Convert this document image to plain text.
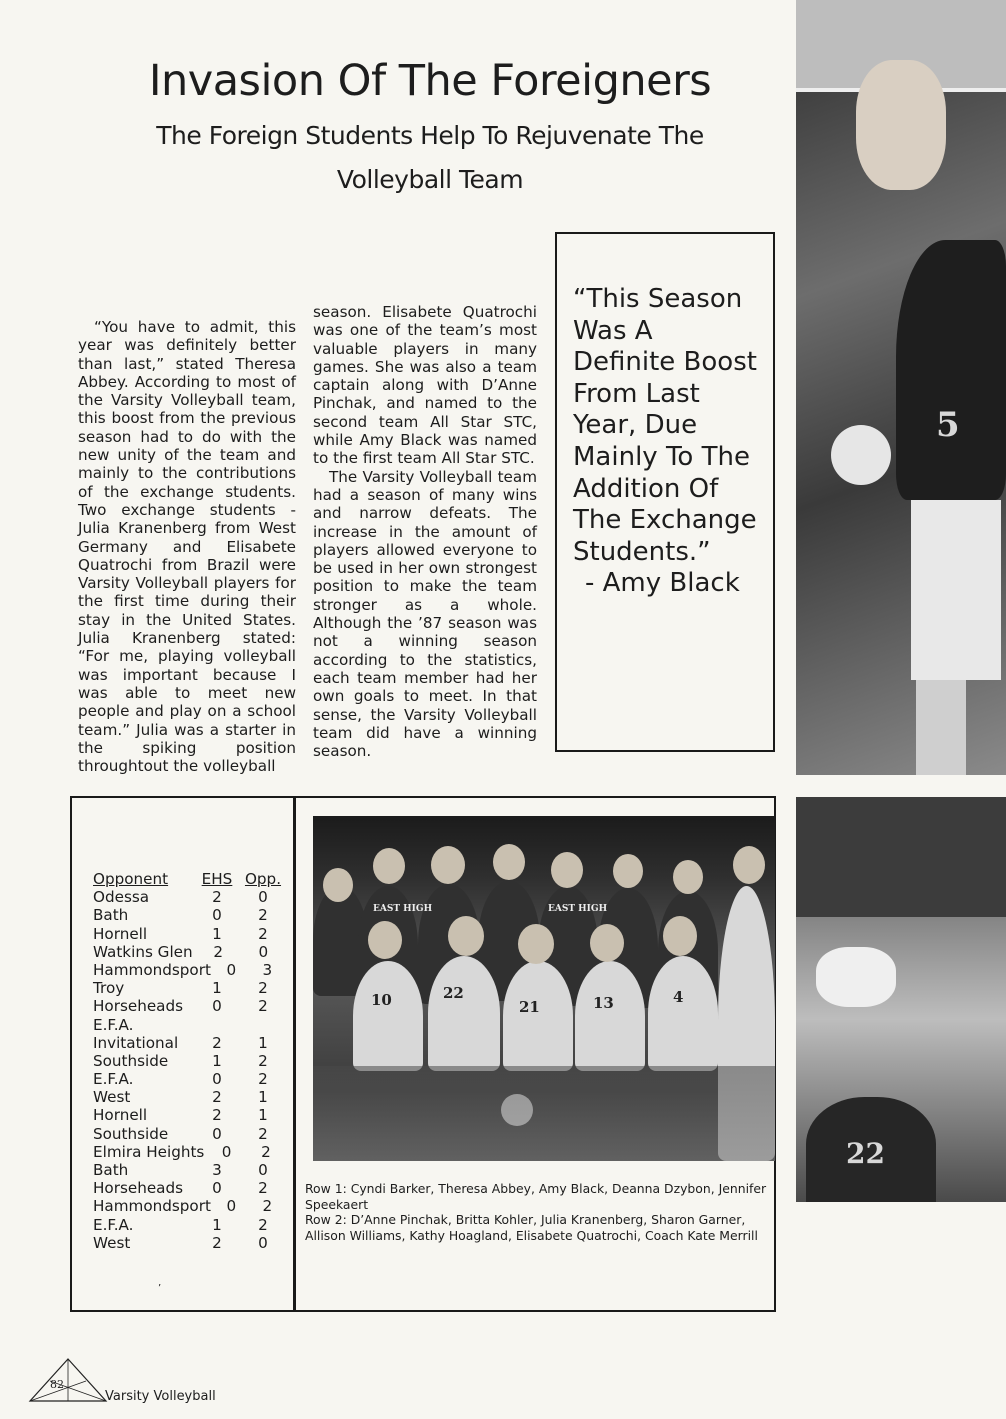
5
22
Invasion Of The Foreigners
The Foreign Students Help To Rejuvenate The Volleyball Team

“You have to admit, this year was definitely better than last,” stated Theresa Abbey. According to most of the Varsity Volleyball team, this boost from the previous season had to do with the new unity of the team and mainly to the contributions of the exchange students. Two exchange students - Julia Kranenberg from West Germany and Elisabete Quatrochi from Brazil were Varsity Volleyball players for the first time during their stay in the United States. Julia Kranenberg stated: “For me, playing volleyball was important because I was able to meet new people and play on a school team.” Julia was a starter in the spiking position throughtout the volleyball

season. Elisabete Quatrochi was one of the team’s most valuable players in many games. She was also a team captain along with D’Anne Pinchak, and named to the second team All Star STC, while Amy Black was named to the first team All Star STC.

The Varsity Volleyball team had a season of many wins and narrow defeats. The increase in the amount of players allowed everyone to be used in her own strongest position to make the team stronger as a whole. Although the ’87 season was not a winning season according to the statistics, each team member had her own goals to meet. In that sense, the Varsity Volleyball team did have a winning season.

“This Season Was A Definite Boost From Last Year, Due Mainly To The Addition Of The Exchange Students.”

- Amy Black

Opponent	EHS Opp.
Odessa	2	0
Bath	0	2
Hornell	1	2
Watkins Glen	2	0
Hammondsport	0	3
Troy	1	2
Horseheads	0	2
E.F.A.
Invitational	2	1
Southside	1	2
E.F.A.	0	2
West	2	1
Hornell	2	1
Southside	0	2
Elmira Heights	0	2
Bath	3	0
Horseheads	0	2
Hammondsport	0	2
E.F.A.	1	2
West	2	0
EAST HIGH	EAST HIGH
10	22
21	13	4

Row 1: Cyndi Barker, Theresa Abbey, Amy Black, Deanna Dzybon, Jennifer Speekaert

Row 2: D’Anne Pinchak, Britta Kohler, Julia Kranenberg, Sharon Garner, Allison Williams, Kathy Hoagland, Elisabete Quatrochi, Coach Kate Merrill

’
82
Varsity Volleyball
